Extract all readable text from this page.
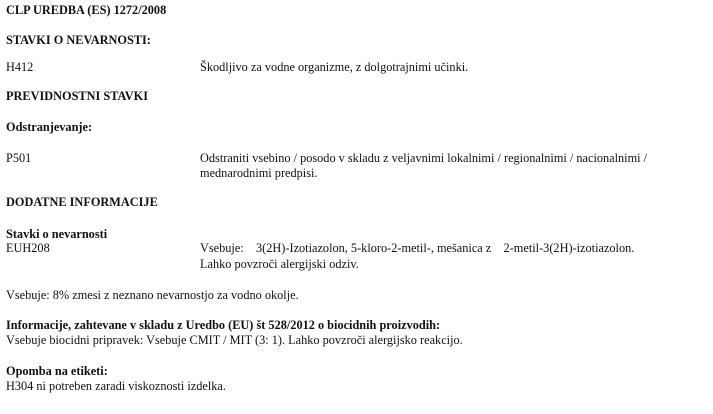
CLP UREDBA (ES) 1272/2008
STAVKI O NEVARNOSTI:
H412	Škodljivo za vodne organizme, z dolgotrajnimi učinki.
PREVIDNOSTNI STAVKI
Odstranjevanje:
P501	Odstraniti vsebino / posodo v skladu z veljavnimi lokalnimi / regionalnimi / nacionalnimi /
mednarodnimi predpisi.
DODATNE INFORMACIJE
Stavki o nevarnosti
EUH208	Vsebuje:    3(2H)-Izotiazolon, 5-kloro-2-metil-, mešanica z    2-metil-3(2H)-izotiazolon.
Lahko povzroči alergijski odziv.
Vsebuje: 8% zmesi z neznano nevarnostjo za vodno okolje.
Informacije, zahtevane v skladu z Uredbo (EU) št 528/2012 o biocidnih proizvodih:
Vsebuje biocidni pripravek: Vsebuje CMIT / MIT (3: 1). Lahko povzroči alergijsko reakcijo.
Opomba na etiketi:
H304 ni potreben zaradi viskoznosti izdelka.
